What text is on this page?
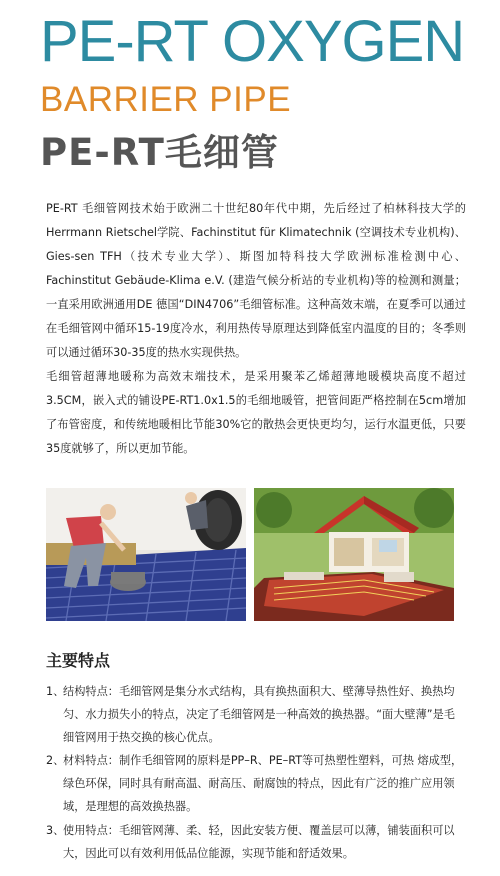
PE-RT OXYGEN
BARRIER PIPE
PE-RT毛细管

PE-RT 毛细管网技术始于欧洲二十世纪80年代中期，先后经过了柏林科技大学的Herrmann Rietschel学院、Fachinstitut für Klimatechnik (空调技术专业机构)、Gies-sen TFH（技术专业大学）、斯图加特科技大学欧洲标准检测中心、Fachinstitut Gebäude-Klima e.V. (建造气候分析站的专业机构)等的检测和测量；一直采用欧洲通用DE 德国“DIN4706”毛细管标准。这种高效末端，在夏季可以通过在毛细管网中循环15-19度冷水，利用热传导原理达到降低室内温度的目的；冬季则可以通过循环30-35度的热水实现供热。

毛细管超薄地暖称为高效末端技术，是采用聚苯乙烯超薄地暖模块高度不超过3.5CM，嵌入式的铺设PE-RT1.0x1.5的毛细地暖管，把管间距严格控制在5cm增加了布管密度，和传统地暖相比节能30%它的散热会更快更均匀，运行水温更低，只要35度就够了，所以更加节能。

主要特点
1、
结构特点：毛细管网是集分水式结构，具有换热面积大、壁薄导热性好、换热均匀、水力损失小的特点，决定了毛细管网是一种高效的换热器。“面大壁薄”是毛细管网用于热交换的核心优点。
2、
材料特点：制作毛细管网的原料是PP–R、PE–RT等可热塑性塑料，可热 熔成型，绿色环保，同时具有耐高温、耐高压、耐腐蚀的特点，因此有广泛的推广应用领域，是理想的高效换热器。
3、
使用特点：毛细管网薄、柔、轻，因此安装方便、覆盖层可以薄，铺装面积可以大，因此可以有效利用低品位能源，实现节能和舒适效果。
